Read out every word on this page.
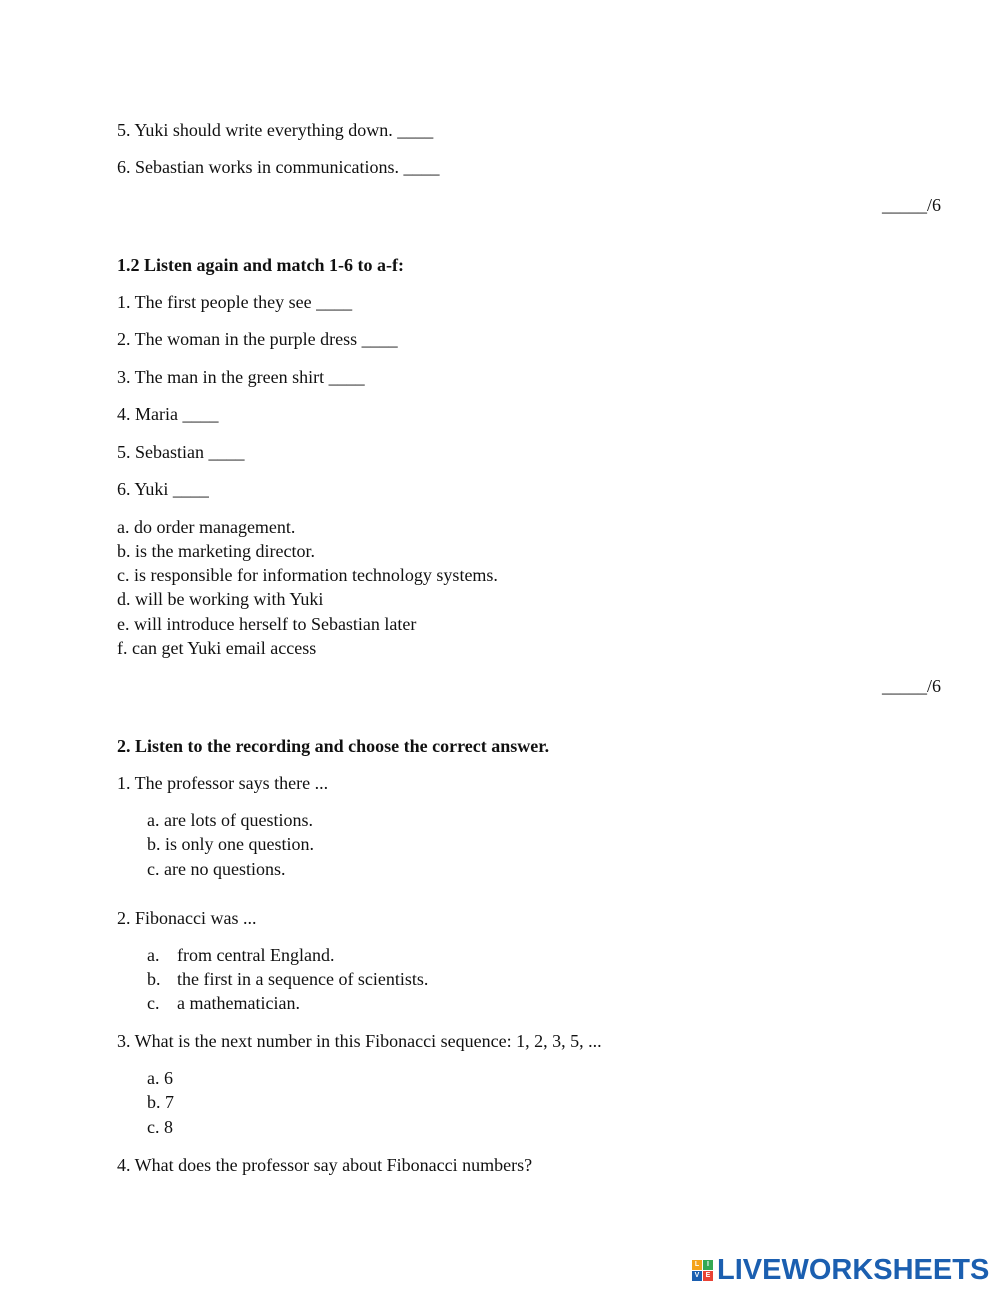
5. Yuki should write everything down. ____
6. Sebastian works in communications. ____
_____/6
1.2 Listen again and match 1-6 to a-f:
1. The first people they see ____
2. The woman in the purple dress ____
3. The man in the green shirt ____
4. Maria ____
5. Sebastian ____
6. Yuki ____
a. do order management.
b. is the marketing director.
c. is responsible for information technology systems.
d. will be working with Yuki
e. will introduce herself to Sebastian later
f. can get Yuki email access
_____/6
2. Listen to the recording and choose the correct answer.
1. The professor says there ...
a. are lots of questions.
b. is only one question.
c. are no questions.
2. Fibonacci was ...
a. from central England.
b. the first in a sequence of scientists.
c. a mathematician.
3. What is the next number in this Fibonacci sequence: 1, 2, 3, 5, ...
a. 6
b. 7
c. 8
4. What does the professor say about Fibonacci numbers?
L	I
V E LIVEWORKSHEETS
